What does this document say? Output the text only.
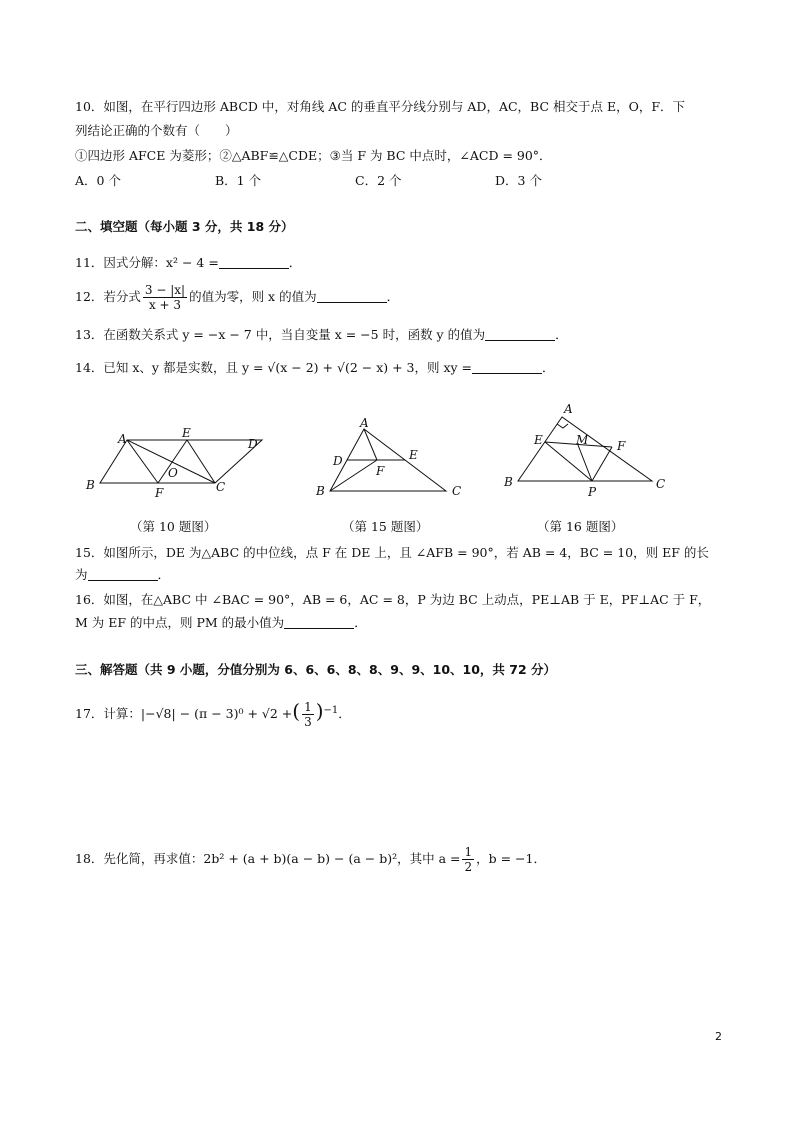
10．如图，在平行四边形 ABCD 中，对角线 AC 的垂直平分线分别与 AD，AC，BC 相交于点 E，O，F．下
列结论正确的个数有（　　）
①四边形 AFCE 为菱形；②△ABF≌△CDE；③当 F 为 BC 中点时，∠ACD = 90°．
A．0 个	B．1 个	C．2 个	D．3 个
二、填空题（每小题 3 分，共 18 分）
11．因式分解：x² − 4 =	．
12．若分式 $\frac{3 - |x|}{x + 3}$ 的值为零，则 x 的值为	．
13．在函数关系式 y = −x − 7 中，当自变量 x = −5 时，函数 y 的值为	．
14．已知 x、y 都是实数，且 y = √(x − 2) + √(2 − x) + 3，则 xy =	．
A	E
D
O
B
F	C
（第 10 题图）
A
D	E
F
B	C
（第 15 题图）
A
E	M F
B
P
C
（第 16 题图）
15．如图所示，DE 为△ABC 的中位线，点 F 在 DE 上，且 ∠AFB = 90°，若 AB = 4，BC = 10，则 EF 的长
为	．
16．如图，在△ABC 中 ∠BAC = 90°，AB = 6，AC = 8，P 为边 BC 上动点，PE⊥AB 于 E，PF⊥AC 于 F，
M 为 EF 的中点，则 PM 的最小值为	．
三、解答题（共 9 小题，分值分别为 6、6、6、8、8、9、9、10、10，共 72 分）
17．计算：|−√8| − (π − 3)⁰ + √2 +( $\frac{1}{3} )^{-1}$．
18．先化简，再求值：2b² + (a + b)(a − b) − (a − b)²，其中 $a = \frac{1}{2}$ ，b = −1．
2
